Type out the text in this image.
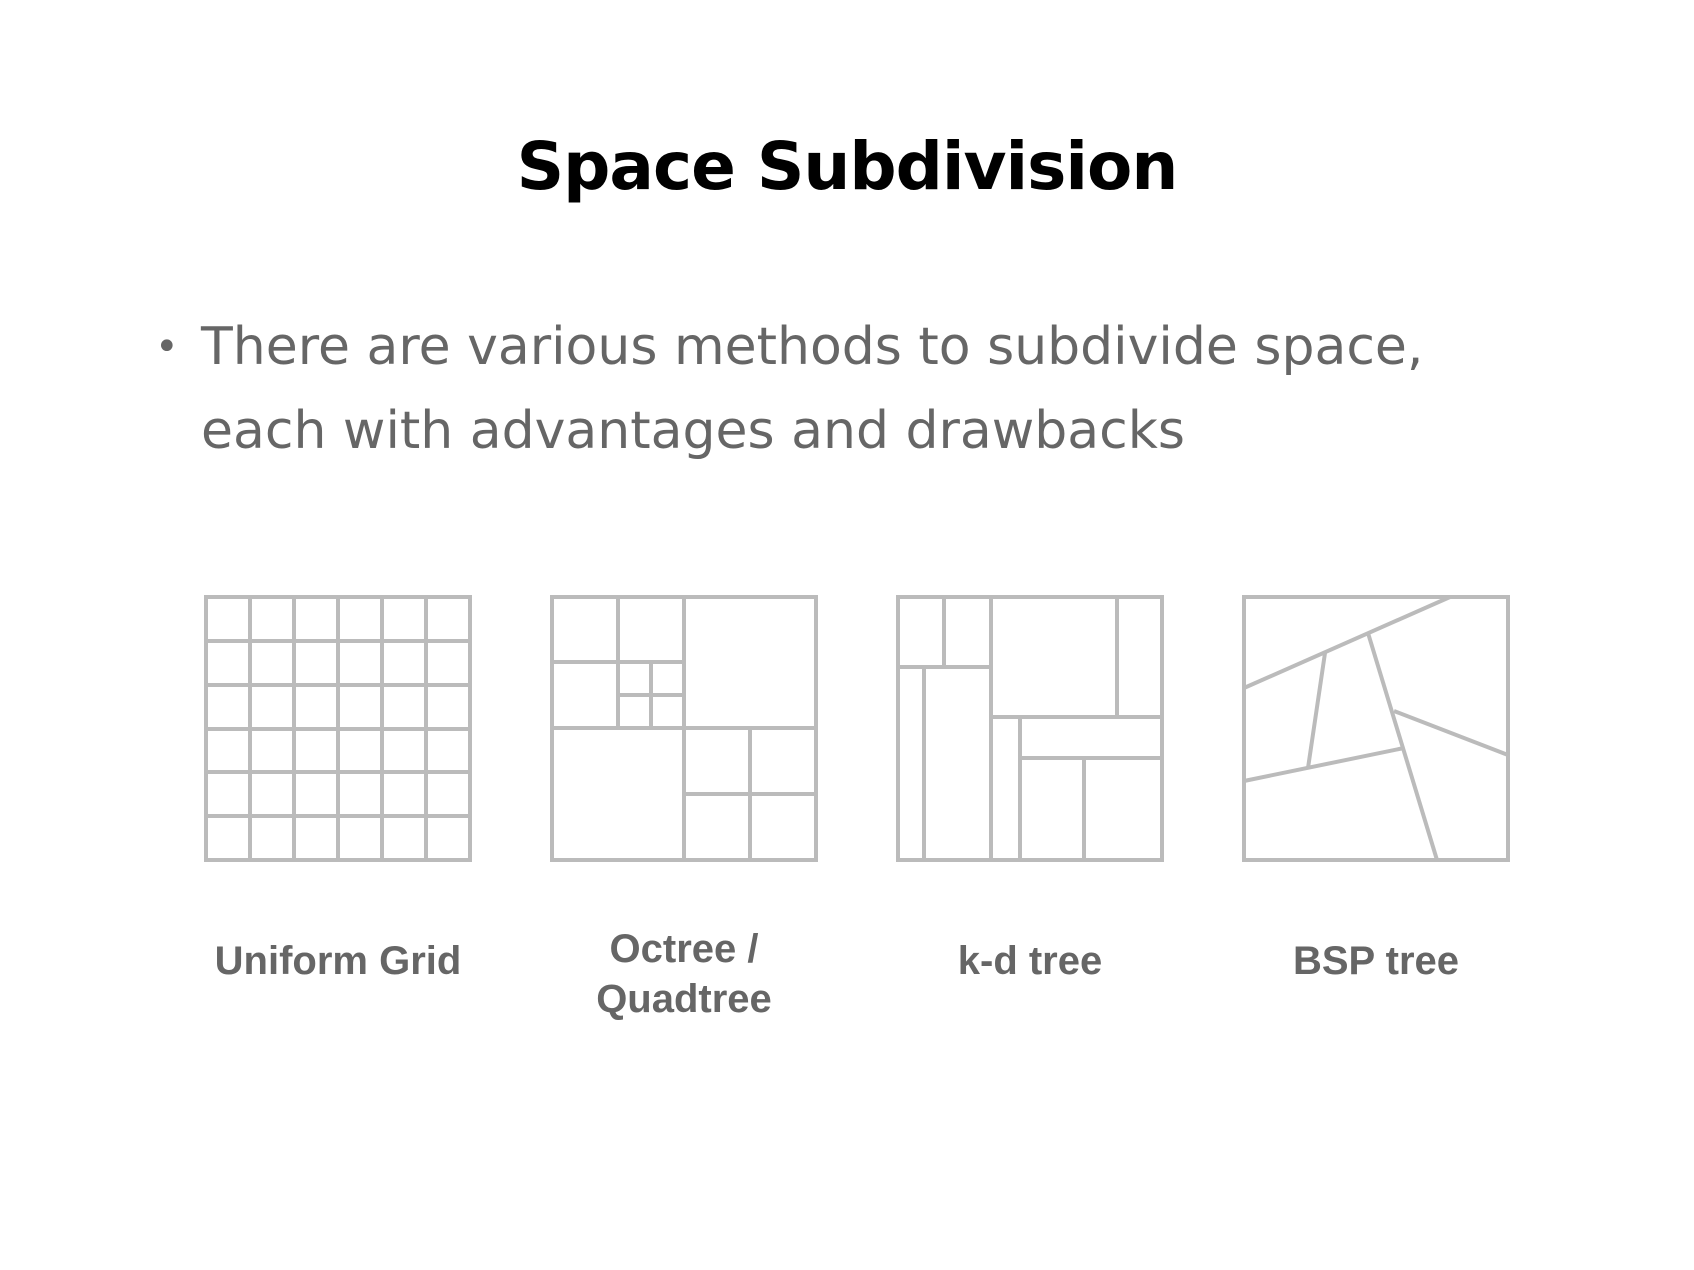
Space Subdivision
• There are various methods to subdivide space,
each with advantages and drawbacks
Uniform Grid	Octree /
Quadtree
k-d tree	BSP tree
